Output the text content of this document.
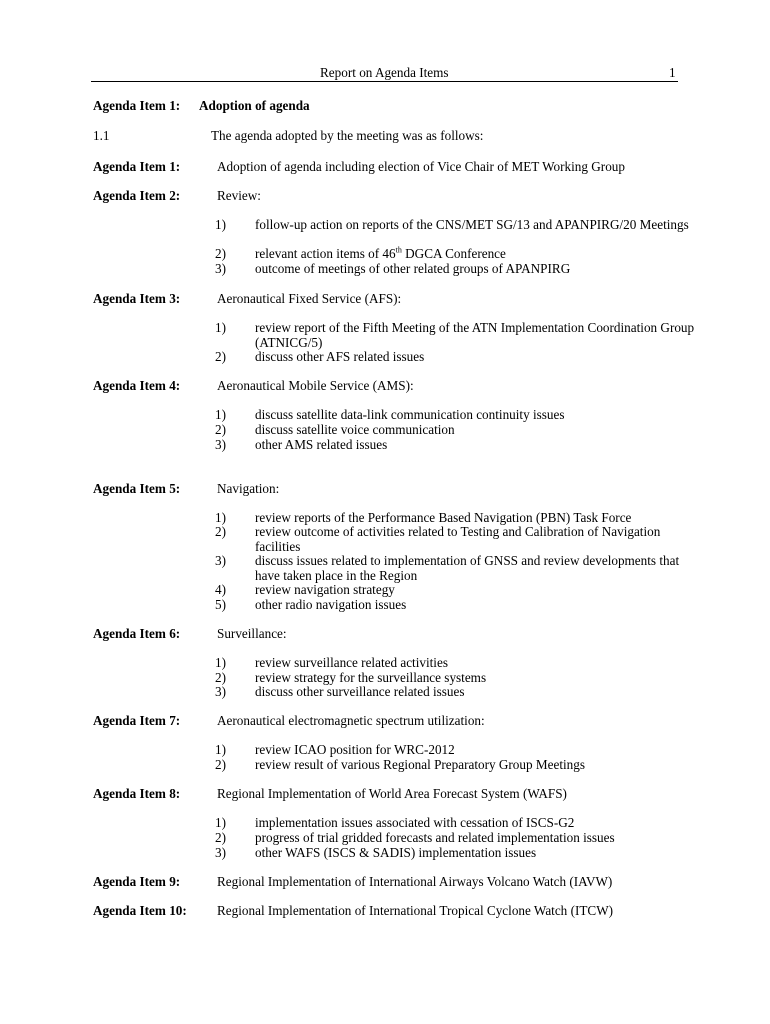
Report on Agenda Items	1
Agenda Item 1: Adoption of agenda
1.1	The agenda adopted by the meeting was as follows:
Agenda Item 1:	Adoption of agenda including election of Vice Chair of MET Working Group
Agenda Item 2:	Review:
1) follow-up action on reports of the CNS/MET SG/13 and APANPIRG/20 Meetings
2) relevant action items of 46th DGCA Conference
3) outcome of meetings of other related groups of APANPIRG
Agenda Item 3:	Aeronautical Fixed Service (AFS):
1) review report of the Fifth Meeting of the ATN Implementation Coordination Group (ATNICG/5)
2) discuss other AFS related issues
Agenda Item 4:	Aeronautical Mobile Service (AMS):
1) discuss satellite data-link communication continuity issues
2) discuss satellite voice communication
3) other AMS related issues
Agenda Item 5:	Navigation:
1) review reports of the Performance Based Navigation (PBN) Task Force
2) review outcome of activities related to Testing and Calibration of Navigation facilities
3) discuss issues related to implementation of GNSS and review developments that have taken place in the Region
4) review navigation strategy
5) other radio navigation issues
Agenda Item 6:	Surveillance:
1) review surveillance related activities
2) review strategy for the surveillance systems
3) discuss other surveillance related issues
Agenda Item 7:	Aeronautical electromagnetic spectrum utilization:
1) review ICAO position for WRC-2012
2) review result of various Regional Preparatory Group Meetings
Agenda Item 8:	Regional Implementation of World Area Forecast System (WAFS)
1) implementation issues associated with cessation of ISCS-G2
2) progress of trial gridded forecasts and related implementation issues
3) other WAFS (ISCS & SADIS) implementation issues
Agenda Item 9:	Regional Implementation of International Airways Volcano Watch (IAVW)
Agenda Item 10: Regional Implementation of International Tropical Cyclone Watch (ITCW)
